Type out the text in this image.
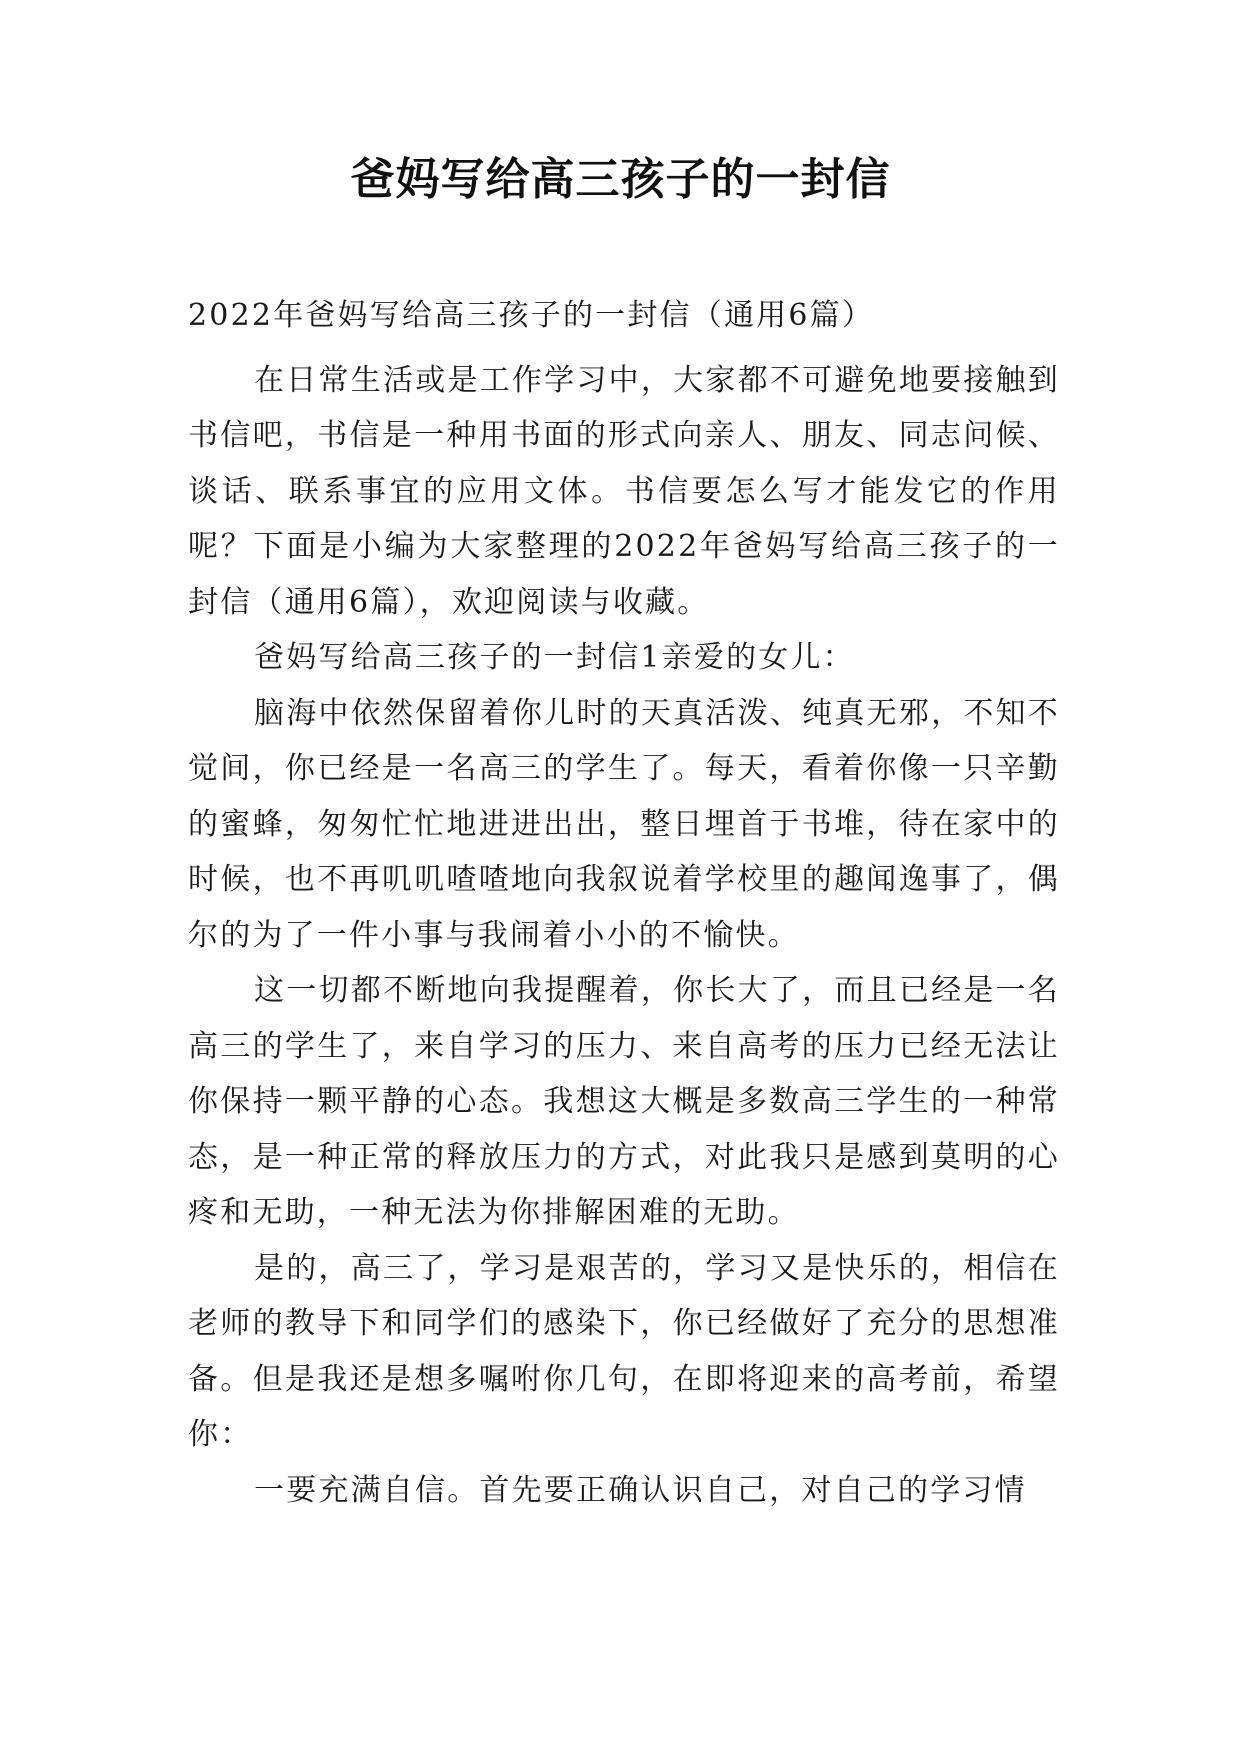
爸妈写给高三孩子的一封信

2022年爸妈写给高三孩子的一封信（通用6篇）

在日常生活或是工作学习中，大家都不可避免地要接触到书信吧，书信是一种用书面的形式向亲人、朋友、同志问候、谈话、联系事宜的应用文体。书信要怎么写才能发它的作用呢？下面是小编为大家整理的2022年爸妈写给高三孩子的一封信（通用6篇），欢迎阅读与收藏。

爸妈写给高三孩子的一封信1亲爱的女儿：

脑海中依然保留着你儿时的天真活泼、纯真无邪，不知不觉间，你已经是一名高三的学生了。每天，看着你像一只辛勤的蜜蜂，匆匆忙忙地进进出出，整日埋首于书堆，待在家中的时候，也不再叽叽喳喳地向我叙说着学校里的趣闻逸事了，偶尔的为了一件小事与我闹着小小的不愉快。

这一切都不断地向我提醒着，你长大了，而且已经是一名高三的学生了，来自学习的压力、来自高考的压力已经无法让你保持一颗平静的心态。我想这大概是多数高三学生的一种常态，是一种正常的释放压力的方式，对此我只是感到莫明的心疼和无助，一种无法为你排解困难的无助。

是的，高三了，学习是艰苦的，学习又是快乐的，相信在老师的教导下和同学们的感染下，你已经做好了充分的思想准备。但是我还是想多嘱咐你几句，在即将迎来的高考前，希望你：

一要充满自信。首先要正确认识自己，对自己的学习情
